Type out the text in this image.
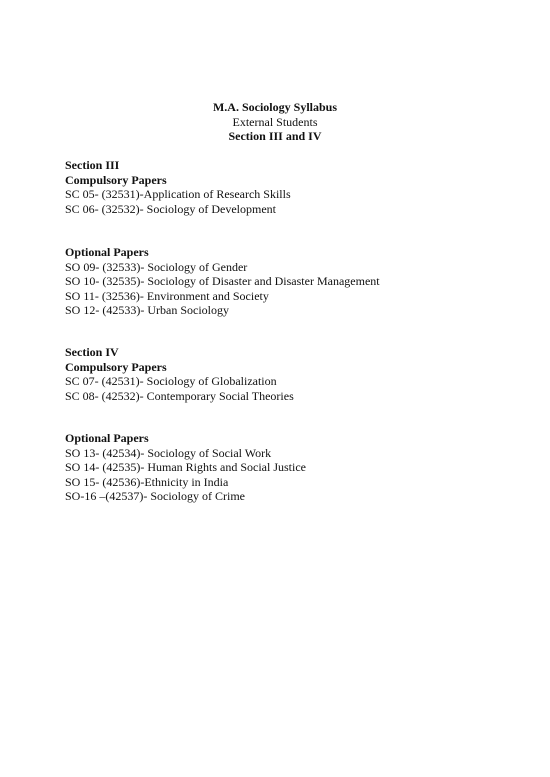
M.A. Sociology Syllabus
External Students
Section III and IV
Section III
Compulsory Papers
SC 05- (32531)-Application of Research Skills
SC 06- (32532)- Sociology of Development
Optional Papers
SO 09- (32533)- Sociology of Gender
SO 10- (32535)- Sociology of Disaster and Disaster Management
SO 11- (32536)- Environment and Society
SO 12- (42533)- Urban Sociology
Section IV
Compulsory Papers
SC 07- (42531)- Sociology of Globalization
SC 08- (42532)- Contemporary Social Theories
Optional Papers
SO 13- (42534)- Sociology of Social Work
SO 14- (42535)- Human Rights and Social Justice
SO 15- (42536)-Ethnicity in India
SO-16 –(42537)- Sociology of Crime
